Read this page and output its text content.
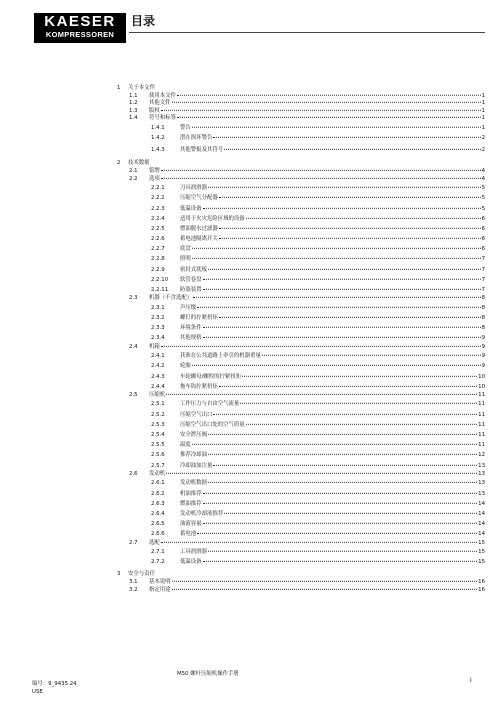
KAESER
KOMPRESSOREN
目录
1 关于本文件
1.1 使用本文件	1
1.2 其他文件	1
1.3 版权	1
1.4 符号和标签	1
1.4.1	警告	1
1.4.2	潜在损坏警告	2
1.4.3	其他警报及其符号	2
2 技术数据
2.1 铭牌	4
2.2 选项	4
2.2.1	刀具润滑器	5
2.2.2	压缩空气分配器	5
2.2.3	低温设备	5
2.2.4	适用于火灾危险区域的设备	6
2.2.5	燃油脱水过滤器	6
2.2.6	蓄电池隔离开关	6
2.2.7	底盘	6
2.2.8	照明	7
2.2.9	密封式底板	7
2.2.10 软管卷盘	7
2.2.11 防盗装置	7
2.3 机器（不含选配）	8
2.3.1	声压级	8
2.3.2	螺钉的拧紧扭矩	8
2.3.3	环境条件	8
2.3.4	其他规格	9
2.4 机箱	9
2.4.1	获准在公共道路上牵引的机器重量	9
2.4.2	轮胎	9
2.4.3	车轮螺母/螺栓的拧紧扭矩	10
2.4.4	拖车钩拧紧扭矩	10
2.5 压缩机	11
2.5.1	工作压力与自由空气流量	11
2.5.2	压缩空气出口	11
2.5.3	压缩空气出口处的空气质量	11
2.5.4	安全泄压阀	11
2.5.5	温度	11
2.5.6	推荐冷却油	12
2.5.7	冷却油加注量	13
2.6 发动机	13
2.6.1	发动机数据	13
2.6.2	机油推荐	13
2.6.3	燃油推荐	14
2.6.4	发动机冷却液推荐	14
2.6.5	油液容量	14
2.6.6	蓄电池	14
2.7 选配	15
2.7.1	工具润滑器	15
2.7.2	低温设备	15
3 安全与责任
3.1 基本说明	16
3.2 指定用途	16
M50 螺杆压缩机操作手册
编号：9_9435 24
USE
i
